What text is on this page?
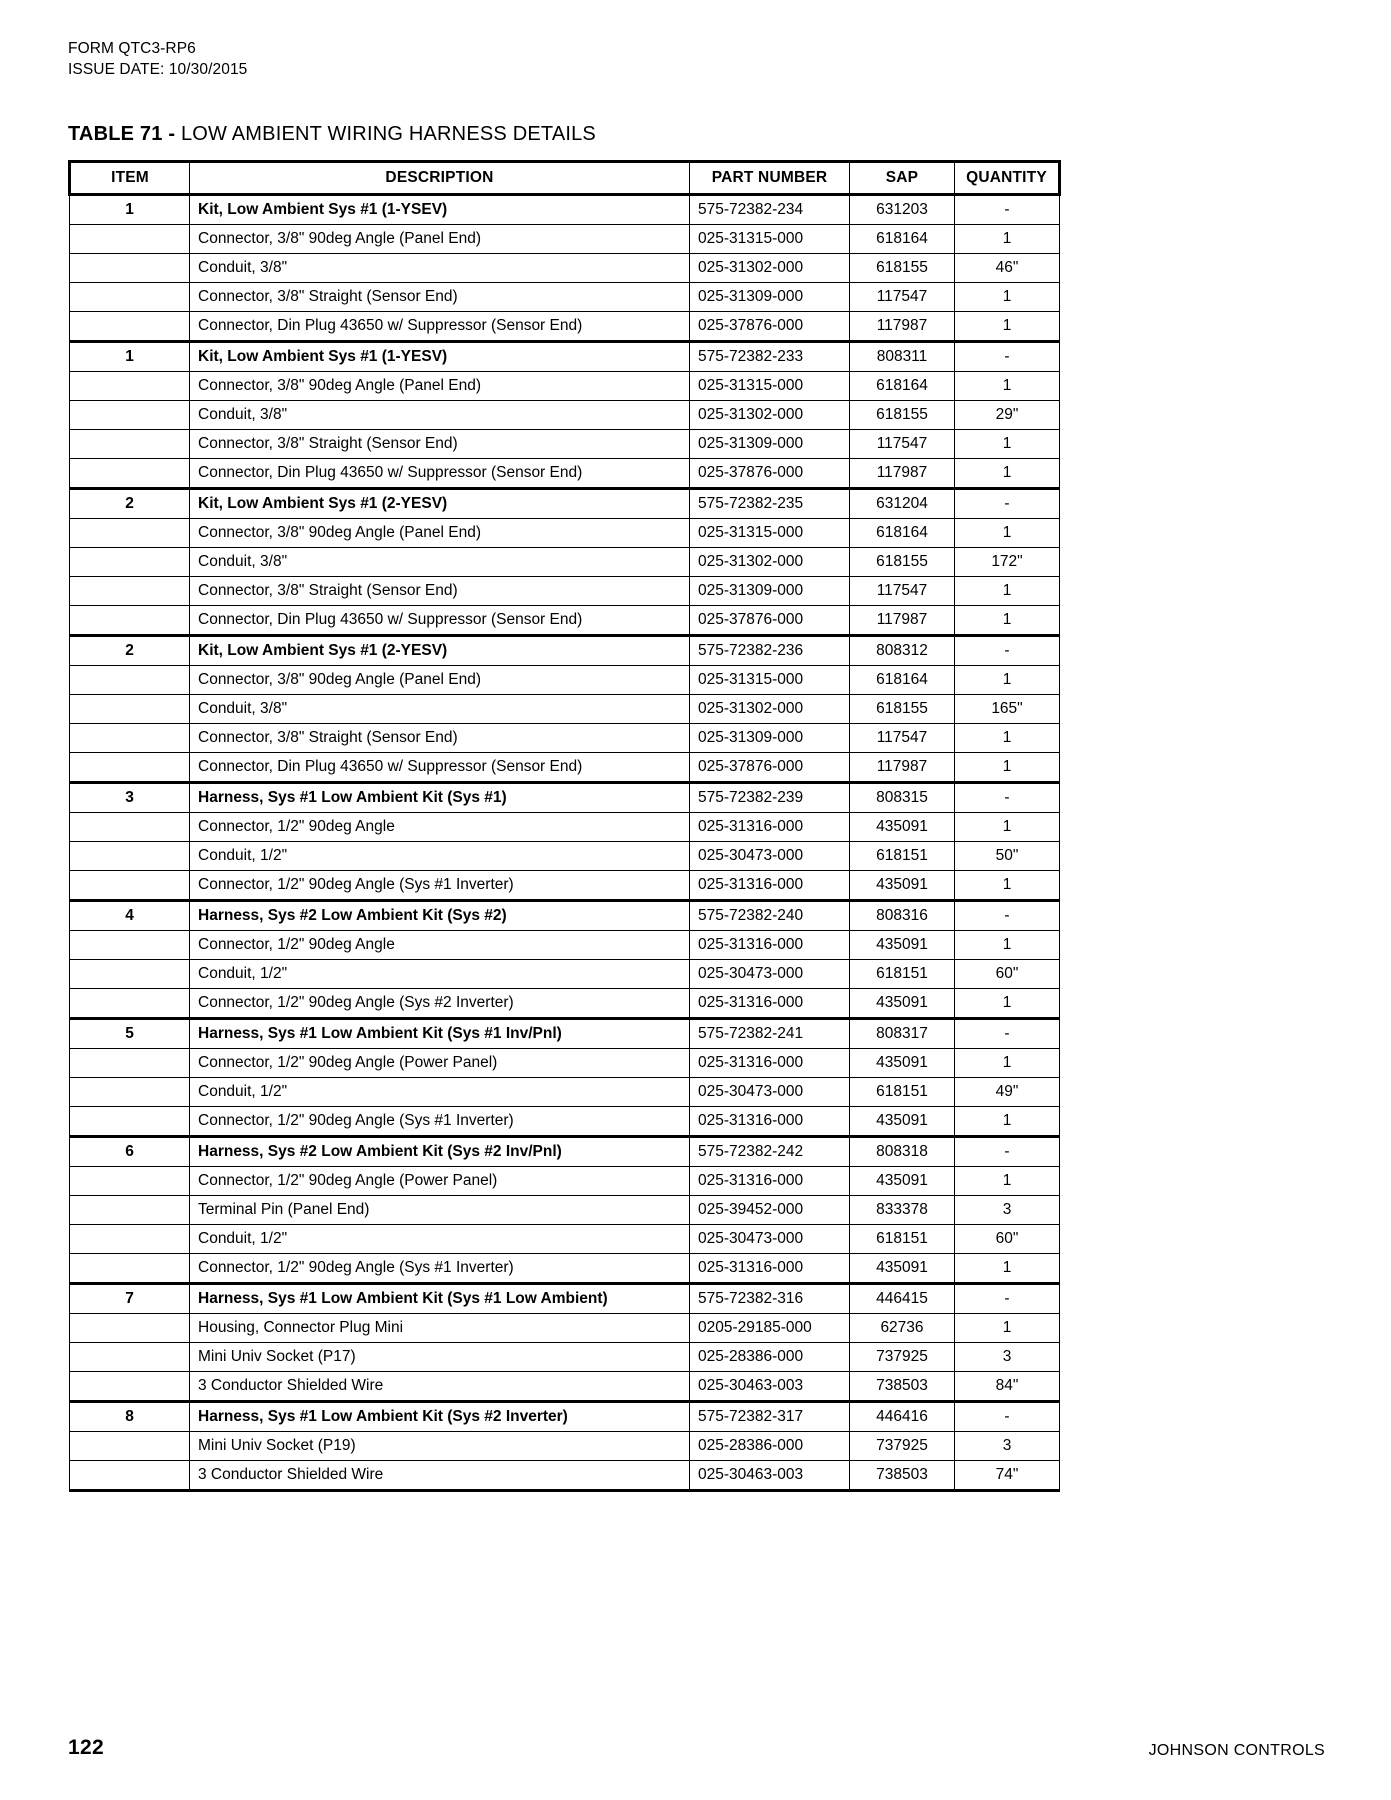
FORM QTC3-RP6
ISSUE DATE: 10/30/2015
TABLE 71 - LOW AMBIENT WIRING HARNESS DETAILS
ITEM	DESCRIPTION	PART NUMBER	SAP	QUANTITY
1	Kit, Low Ambient Sys #1 (1-YSEV)	575-72382-234	631203	-
	Connector, 3/8" 90deg Angle (Panel End)	025-31315-000	618164	1
	Conduit, 3/8"	025-31302-000	618155	46"
	Connector, 3/8" Straight (Sensor End)	025-31309-000	117547	1
	Connector, Din Plug 43650 w/ Suppressor (Sensor End)	025-37876-000	117987	1
1	Kit, Low Ambient Sys #1 (1-YESV)	575-72382-233	808311	-
	Connector, 3/8" 90deg Angle (Panel End)	025-31315-000	618164	1
	Conduit, 3/8"	025-31302-000	618155	29"
	Connector, 3/8" Straight (Sensor End)	025-31309-000	117547	1
	Connector, Din Plug 43650 w/ Suppressor (Sensor End)	025-37876-000	117987	1
2	Kit, Low Ambient Sys #1 (2-YESV)	575-72382-235	631204	-
	Connector, 3/8" 90deg Angle (Panel End)	025-31315-000	618164	1
	Conduit, 3/8"	025-31302-000	618155	172"
	Connector, 3/8" Straight (Sensor End)	025-31309-000	117547	1
	Connector, Din Plug 43650 w/ Suppressor (Sensor End)	025-37876-000	117987	1
2	Kit, Low Ambient Sys #1 (2-YESV)	575-72382-236	808312	-
	Connector, 3/8" 90deg Angle (Panel End)	025-31315-000	618164	1
	Conduit, 3/8"	025-31302-000	618155	165"
	Connector, 3/8" Straight (Sensor End)	025-31309-000	117547	1
	Connector, Din Plug 43650 w/ Suppressor (Sensor End)	025-37876-000	117987	1
3	Harness, Sys #1 Low Ambient Kit (Sys #1)	575-72382-239	808315	-
	Connector, 1/2" 90deg Angle	025-31316-000	435091	1
	Conduit, 1/2"	025-30473-000	618151	50"
	Connector, 1/2" 90deg Angle (Sys #1 Inverter)	025-31316-000	435091	1
4	Harness, Sys #2 Low Ambient Kit (Sys #2)	575-72382-240	808316	-
	Connector, 1/2" 90deg Angle	025-31316-000	435091	1
	Conduit, 1/2"	025-30473-000	618151	60"
	Connector, 1/2" 90deg Angle (Sys #2 Inverter)	025-31316-000	435091	1
5	Harness, Sys #1 Low Ambient Kit (Sys #1 Inv/Pnl)	575-72382-241	808317	-
	Connector, 1/2" 90deg Angle (Power Panel)	025-31316-000	435091	1
	Conduit, 1/2"	025-30473-000	618151	49"
	Connector, 1/2" 90deg Angle (Sys #1 Inverter)	025-31316-000	435091	1
6	Harness, Sys #2 Low Ambient Kit (Sys #2 Inv/Pnl)	575-72382-242	808318	-
	Connector, 1/2" 90deg Angle (Power Panel)	025-31316-000	435091	1
	Terminal Pin (Panel End)	025-39452-000	833378	3
	Conduit, 1/2"	025-30473-000	618151	60"
	Connector, 1/2" 90deg Angle (Sys #1 Inverter)	025-31316-000	435091	1
7	Harness, Sys #1 Low Ambient Kit (Sys #1 Low Ambient)	575-72382-316	446415	-
	Housing, Connector Plug Mini	0205-29185-000	62736	1
	Mini Univ Socket (P17)	025-28386-000	737925	3
	3 Conductor Shielded Wire	025-30463-003	738503	84"
8	Harness, Sys #1 Low Ambient Kit (Sys #2 Inverter)	575-72382-317	446416	-
	Mini Univ Socket (P19)	025-28386-000	737925	3
	3 Conductor Shielded Wire	025-30463-003	738503	74"
122	JOHNSON CONTROLS
